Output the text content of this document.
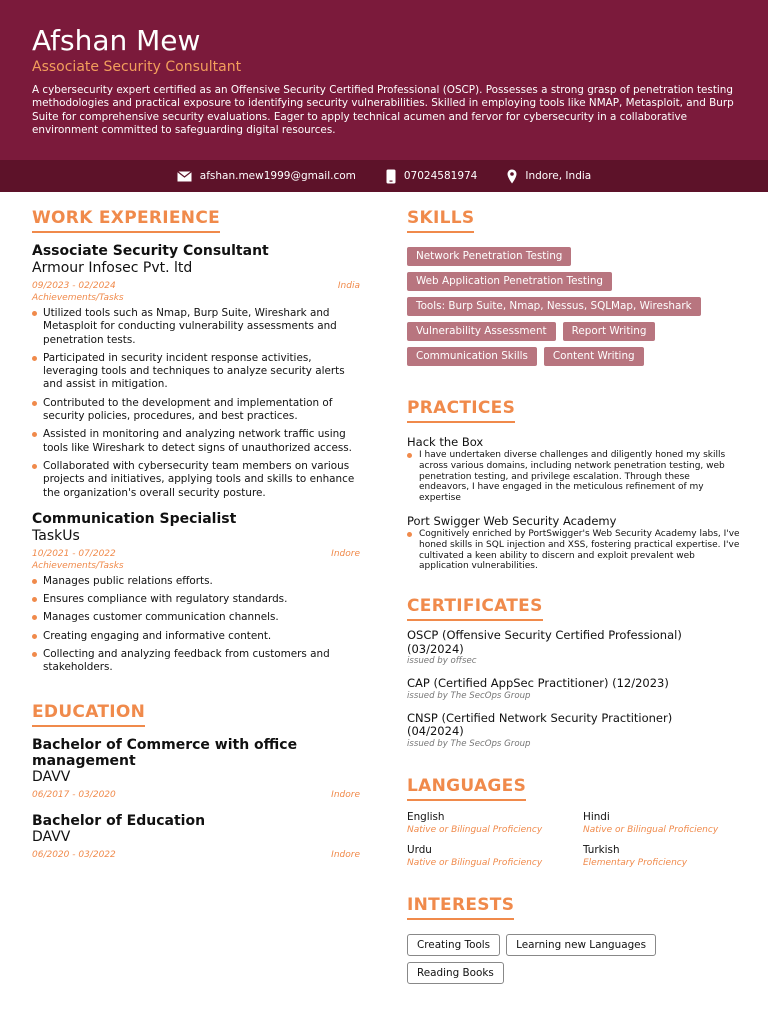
Afshan Mew
Associate Security Consultant
A cybersecurity expert certified as an Offensive Security Certified Professional (OSCP). Possesses a strong grasp of penetration testing methodologies and practical exposure to identifying security vulnerabilities. Skilled in employing tools like NMAP, Metasploit, and Burp Suite for comprehensive security evaluations. Eager to apply technical acumen and fervor for cybersecurity in a collaborative environment committed to safeguarding digital resources.
afshan.mew1999@gmail.com	07024581974	Indore, India
WORK EXPERIENCE
Associate Security Consultant
Armour Infosec Pvt. ltd
09/2023 - 02/2024	India
Achievements/Tasks
Utilized tools such as Nmap, Burp Suite, Wireshark and Metasploit for conducting vulnerability assessments and penetration tests.
Participated in security incident response activities, leveraging tools and techniques to analyze security alerts and assist in mitigation.
Contributed to the development and implementation of security policies, procedures, and best practices.
Assisted in monitoring and analyzing network traffic using tools like Wireshark to detect signs of unauthorized access.
Collaborated with cybersecurity team members on various projects and initiatives, applying tools and skills to enhance the organization's overall security posture.
Communication Specialist
TaskUs
10/2021 - 07/2022	Indore
Achievements/Tasks
Manages public relations efforts.
Ensures compliance with regulatory standards.
Manages customer communication channels.
Creating engaging and informative content.
Collecting and analyzing feedback from customers and stakeholders.
EDUCATION
Bachelor of Commerce with office management
DAVV
06/2017 - 03/2020	Indore
Bachelor of Education
DAVV
06/2020 - 03/2022	Indore
SKILLS
Network Penetration Testing
Web Application Penetration Testing
Tools: Burp Suite, Nmap, Nessus, SQLMap, Wireshark
Vulnerability Assessment	Report Writing
Communication Skills	Content Writing
PRACTICES
Hack the Box
I have undertaken diverse challenges and diligently honed my skills across various domains, including network penetration testing, web penetration testing, and privilege escalation. Through these endeavors, I have engaged in the meticulous refinement of my expertise
Port Swigger Web Security Academy
Cognitively enriched by PortSwigger's Web Security Academy labs, I've honed skills in SQL injection and XSS, fostering practical expertise. I've cultivated a keen ability to discern and exploit prevalent web application vulnerabilities.
CERTIFICATES
OSCP (Offensive Security Certified Professional) (03/2024)
issued by offsec
CAP (Certified AppSec Practitioner) (12/2023)
issued by The SecOps Group
CNSP (Certified Network Security Practitioner) (04/2024)
issued by The SecOps Group
LANGUAGES
English
Native or Bilingual Proficiency
Hindi
Native or Bilingual Proficiency
Urdu
Native or Bilingual Proficiency
Turkish
Elementary Proficiency
INTERESTS
Creating Tools	Learning new Languages
Reading Books
